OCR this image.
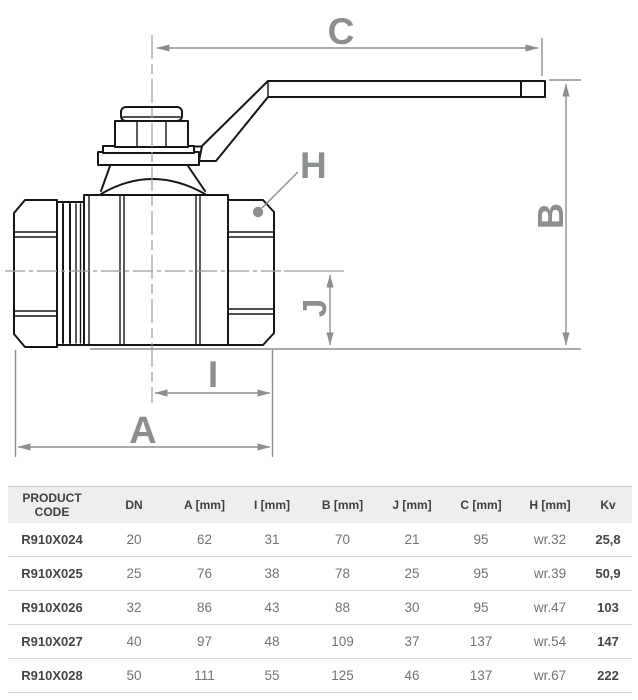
C
B
J
H
I
A
PRODUCT CODE	DN	A [mm]	I [mm]	B [mm]	J [mm]	C [mm]	H [mm]	Kv
R910X024	20	62	31	70	21	95	wr.32	25,8
R910X025	25	76	38	78	25	95	wr.39	50,9
R910X026	32	86	43	88	30	95	wr.47	103
R910X027	40	97	48	109	37	137	wr.54	147
R910X028	50	111	55	125	46	137	wr.67	222
